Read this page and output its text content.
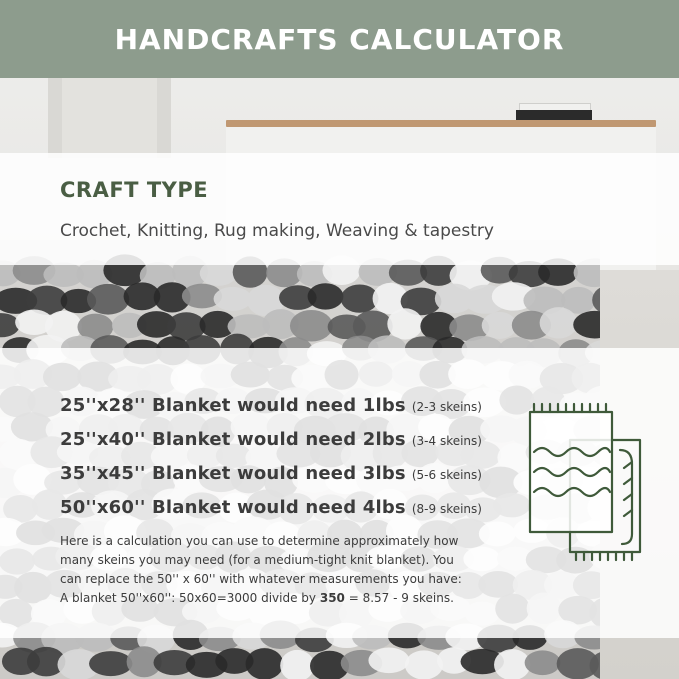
HANDCRAFTS CALCULATOR
CRAFT TYPE
Crochet, Knitting, Rug making, Weaving & tapestry
25''x28'' Blanket would need 1lbs (2-3 skeins)
25''x40'' Blanket would need 2lbs (3-4 skeins)
35''x45'' Blanket would need 3lbs (5-6 skeins)
50''x60'' Blanket would need 4lbs (8-9 skeins)
Here is a calculation you can use to determine approximately how
many skeins you may need (for a medium-tight knit blanket). You
can replace the 50'' x 60'' with whatever measurements you have:
A blanket 50''x60'': 50x60=3000 divide by 350 = 8.57 - 9 skeins.
